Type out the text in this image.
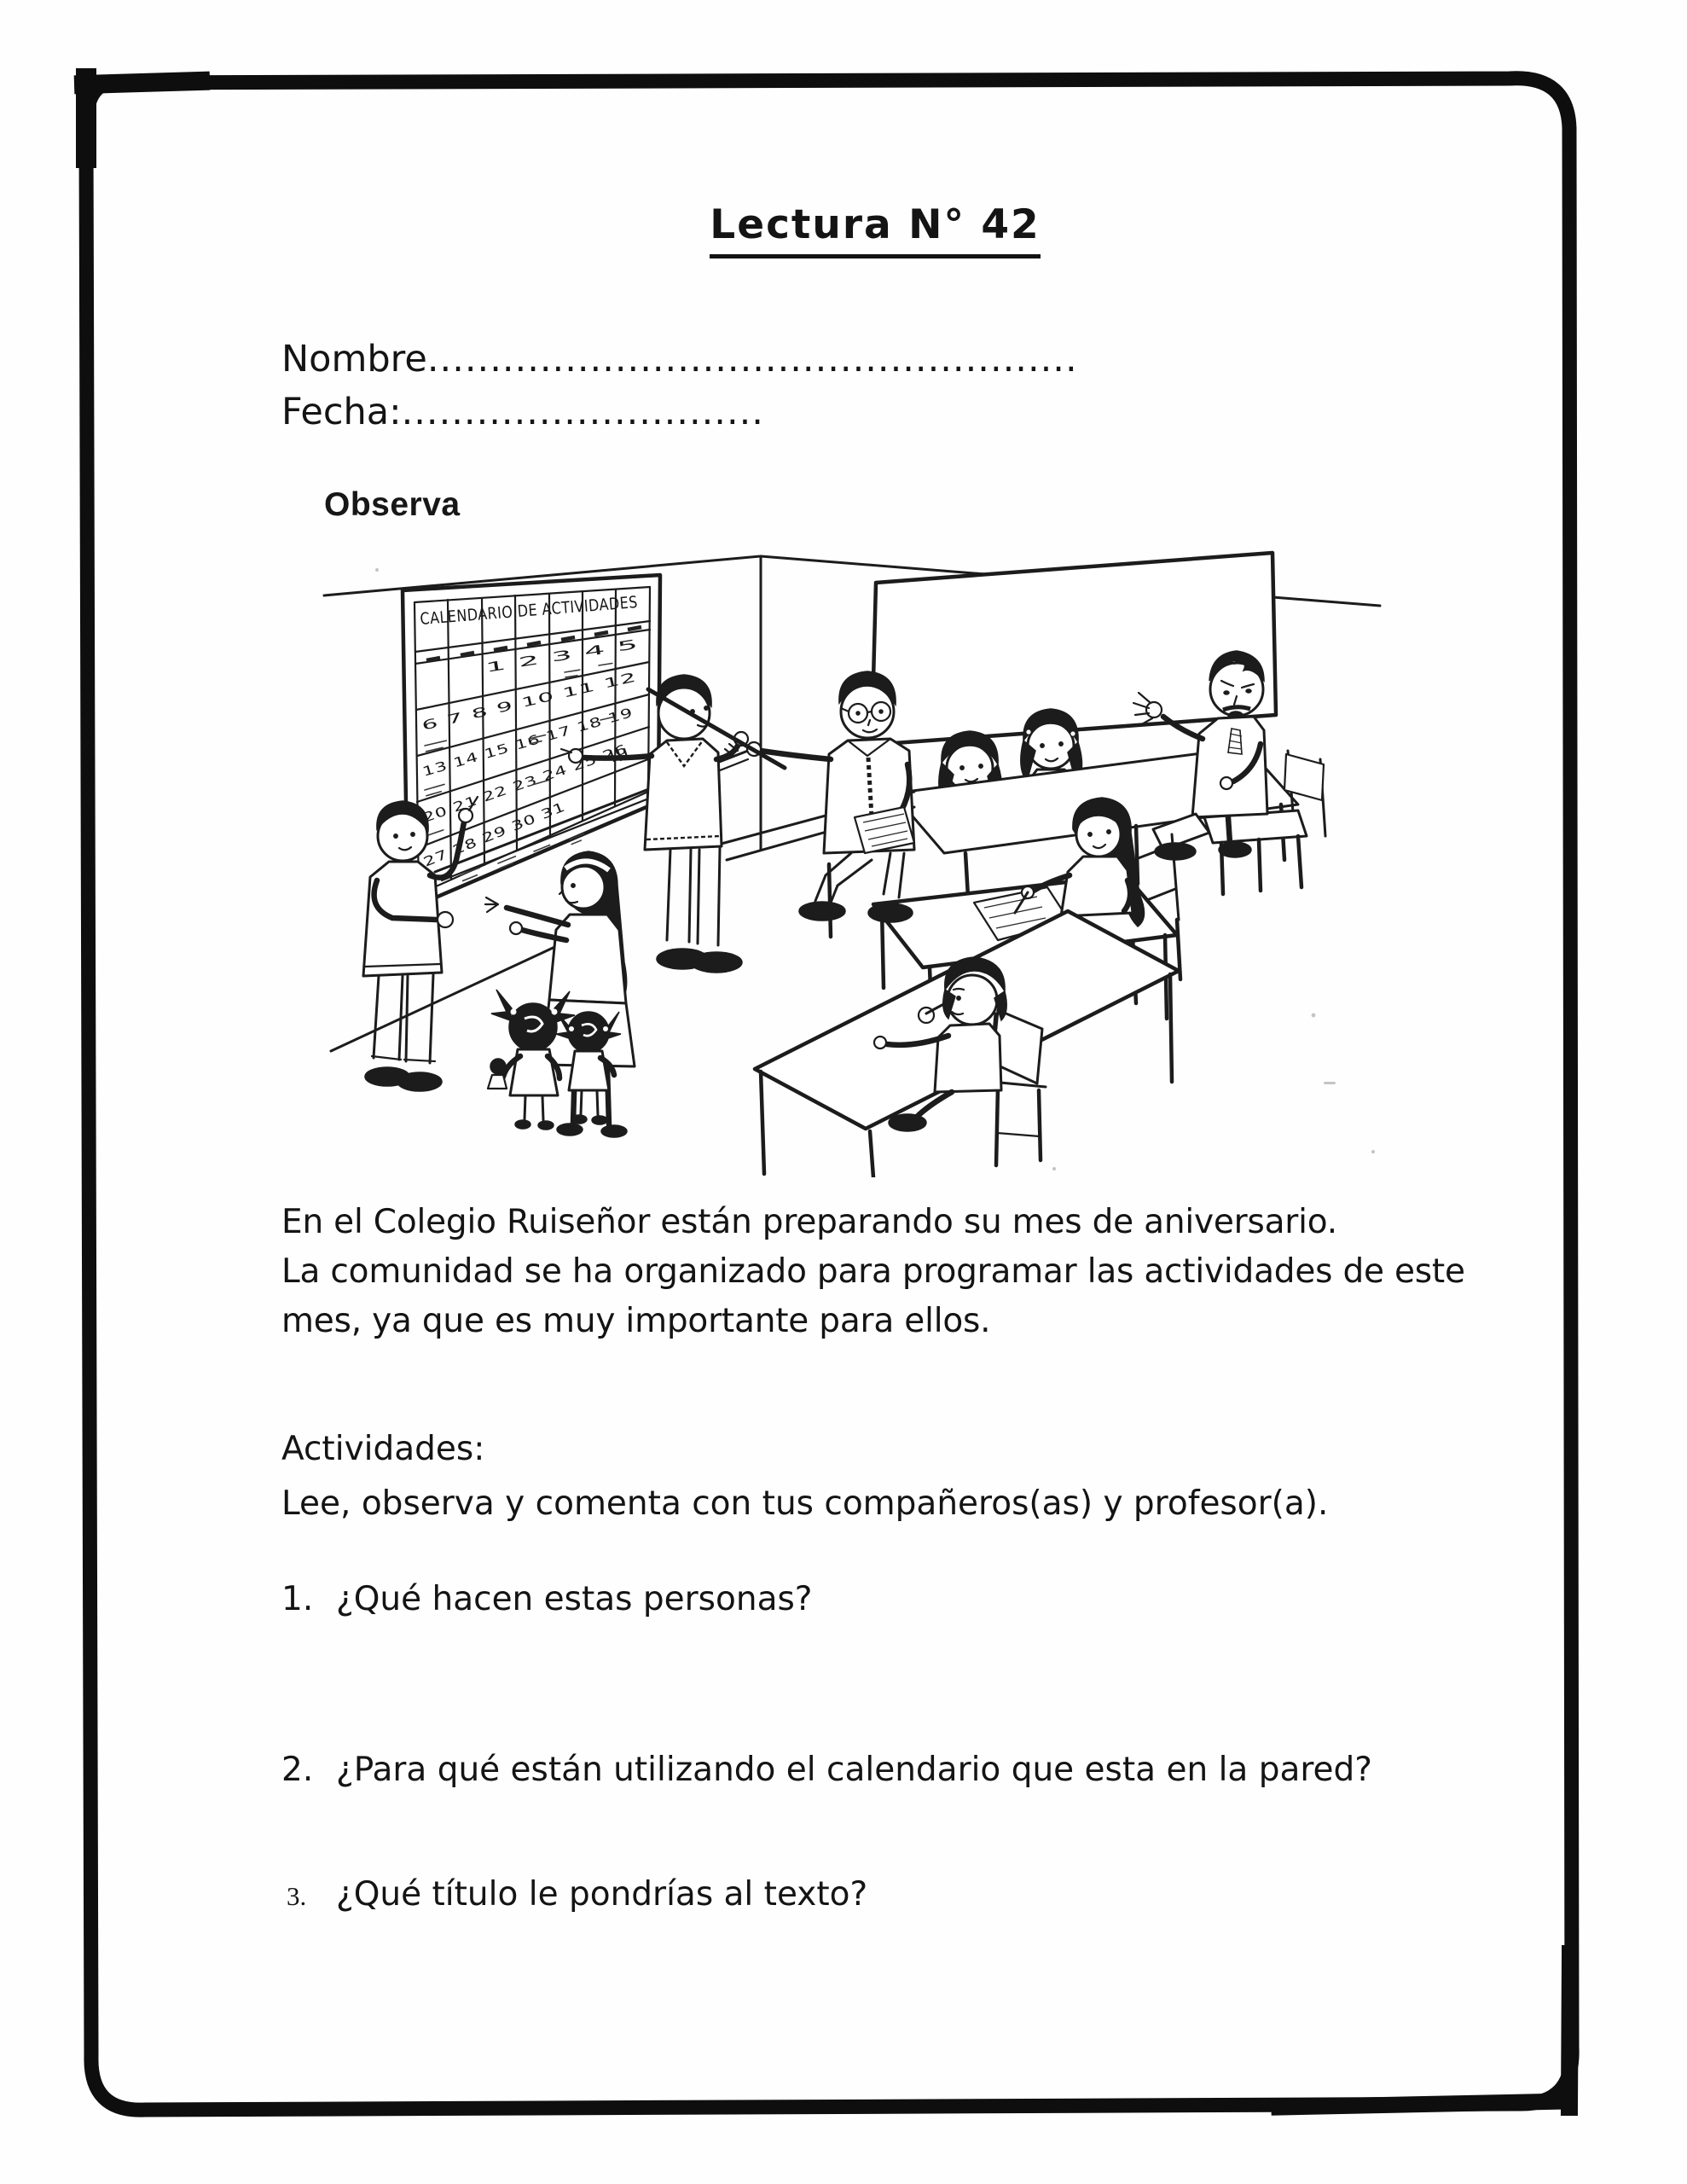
Lectura N° 42
Nombre....................................................
Fecha:.............................
Observa
CALENDARIO DE ACTIVIDADES
1 2 3 4 5
6 7 8 9 10 11 12
13 14 15 16 17 18 19
20 21 22 23 24 25 26
27 28 29 30 31
En el Colegio Ruiseñor están preparando su mes de aniversario.
La comunidad se ha organizado para programar las actividades de este
mes, ya que es muy importante para ellos.
Actividades:
Lee, observa y comenta con tus compañeros(as) y profesor(a).
1. ¿Qué hacen estas personas?
2. ¿Para qué están utilizando el calendario que esta en la pared?
3. ¿Qué título le pondrías al texto?
